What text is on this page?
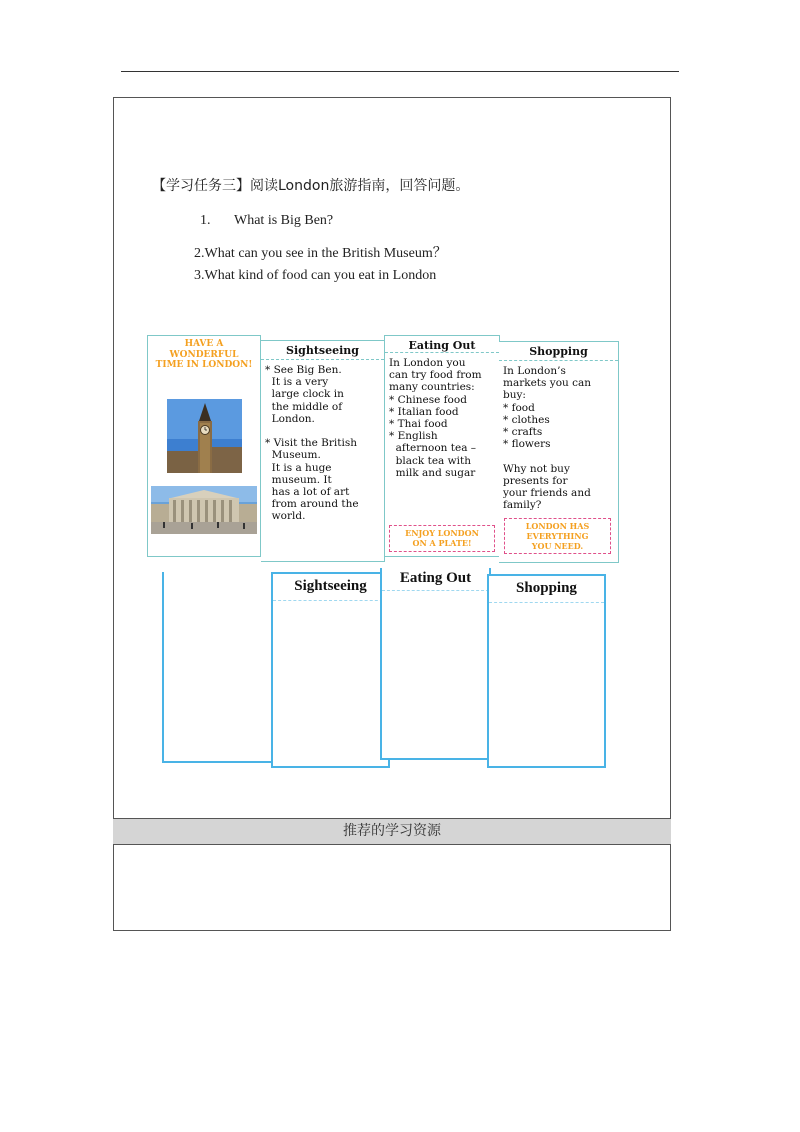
【学习任务三】阅读London旅游指南，回答问题。
1. What is Big Ben?
2.What can you see in the British Museum？
3.What kind of food can you eat in London
HAVE A
WONDERFUL
TIME IN LONDON!
Sightseeing
* See Big Ben.
It is a very
large clock in
the middle of
London.

* Visit the British
Museum.
It is a huge
museum. It
has a lot of art
from around the
world.
Eating Out
In London you
can try food from
many countries:
* Chinese food
* Italian food
* Thai food
* English
afternoon tea –
black tea with
milk and sugar
ENJOY LONDON
ON A PLATE!
Shopping
In London’s
markets you can
buy:
* food
* clothes
* crafts
* flowers

Why not buy
presents for
your friends and
family?
LONDON HAS
EVERYTHING
YOU NEED.
Sightseeing	Eating Out
Shopping
推荐的学习资源
